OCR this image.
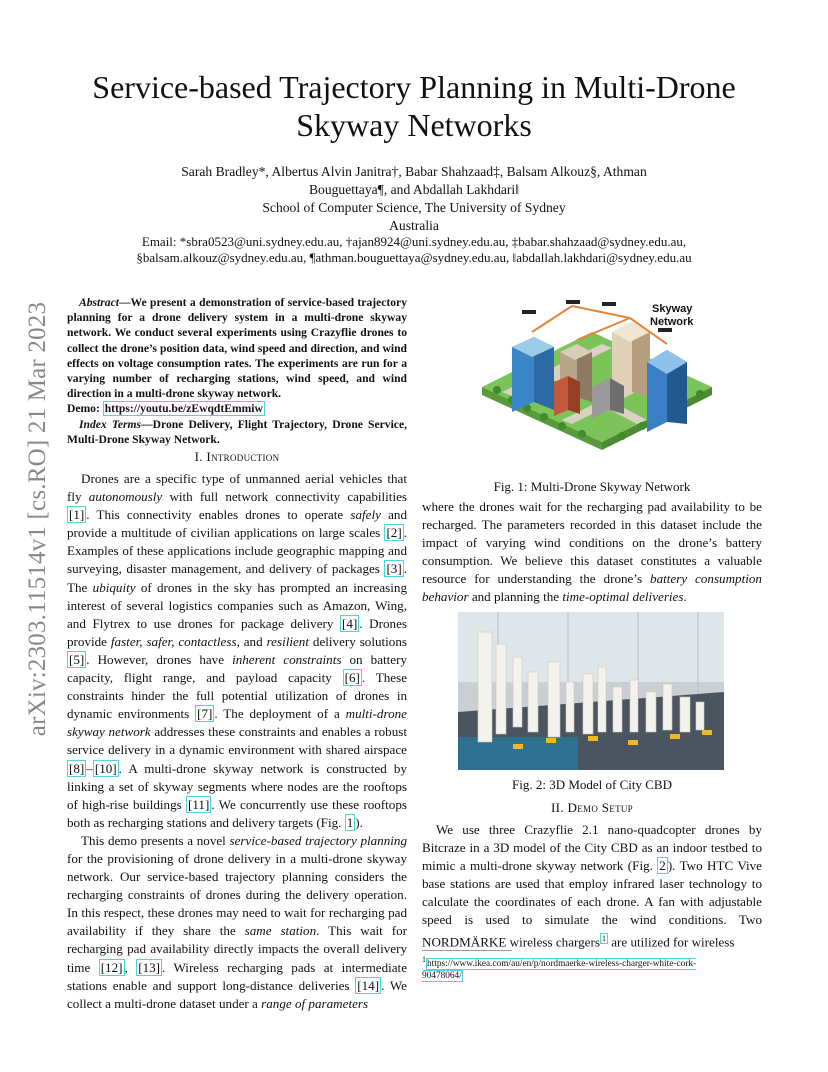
arXiv:2303.11514v1 [cs.RO] 21 Mar 2023
Service-based Trajectory Planning in Multi-Drone
Skyway Networks
Sarah Bradley*, Albertus Alvin Janitra†, Babar Shahzaad‡, Balsam Alkouz§, Athman
Bouguettaya¶, and Abdallah Lakhdari‖
School of Computer Science, The University of Sydney
Australia
Email: *sbra0523@uni.sydney.edu.au, †ajan8924@uni.sydney.edu.au, ‡babar.shahzaad@sydney.edu.au,
§balsam.alkouz@sydney.edu.au, ¶athman.bouguettaya@sydney.edu.au, ‖abdallah.lakhdari@sydney.edu.au
Abstract—We present a demonstration of service-based trajectory planning for a drone delivery system in a multi-drone skyway network. We conduct several experiments using Crazyflie drones to collect the drone’s position data, wind speed and direction, and wind effects on voltage consumption rates. The experiments are run for a varying number of recharging stations, wind speed, and wind direction in a multi-drone skyway network.
Demo: https://youtu.be/zEwqdtEmmiw
Index Terms—Drone Delivery, Flight Trajectory, Drone Service, Multi-Drone Skyway Network.
I. Introduction

Drones are a specific type of unmanned aerial vehicles that fly autonomously with full network connectivity capabilities [1] . This connectivity enables drones to operate safely and provide a multitude of civilian applications on large scales [2] . Examples of these applications include geographic mapping and surveying, disaster management, and delivery of packages [3] . The ubiquity of drones in the sky has prompted an increasing interest of several logistics companies such as Amazon, Wing, and Flytrex to use drones for package delivery [4] . Drones provide faster, safer, contactless, and resilient delivery solutions [5] . However, drones have inherent constraints on battery capacity, flight range, and payload capacity [6] . These constraints hinder the full potential utilization of drones in dynamic environments [7] . The deployment of a multi-drone skyway network addresses these constraints and enables a robust service delivery in a dynamic environment with shared airspace [8] – [10] . A multi-drone skyway network is constructed by linking a set of skyway segments where nodes are the rooftops of high-rise buildings [11] . We concurrently use these rooftops both as recharging stations and delivery targets (Fig. 1 ).

This demo presents a novel service-based trajectory planning for the provisioning of drone delivery in a multi-drone skyway network. Our service-based trajectory planning considers the recharging constraints of drones during the delivery operation. In this respect, these drones may need to wait for recharging pad availability if they share the same station. This wait for recharging pad availability directly impacts the overall delivery time [12] , [13] . Wireless recharging pads at intermediate stations enable and support long-distance deliveries [14] . We collect a multi-drone dataset under a range of parameters

Skyway
Network
Fig. 1: Multi-Drone Skyway Network

where the drones wait for the recharging pad availability to be recharged. The parameters recorded in this dataset include the impact of varying wind conditions on the drone’s battery consumption. We believe this dataset constitutes a valuable resource for understanding the drone’s battery consumption behavior and planning the time-optimal deliveries.

Fig. 2: 3D Model of City CBD
II. Demo Setup

We use three Crazyflie 2.1 nano-quadcopter drones by Bitcraze in a 3D model of the City CBD as an indoor testbed to mimic a multi-drone skyway network (Fig. 2 ). Two HTC Vive base stations are used that employ infrared laser technology to calculate the coordinates of each drone. A fan with adjustable speed is used to simulate the wind conditions. Two NORDMÄRKE wireless chargers $^1$ are utilized for wireless

$^1$https://www.ikea.com/au/en/p/nordmaerke-wireless-charger-white-cork-
90478064/
